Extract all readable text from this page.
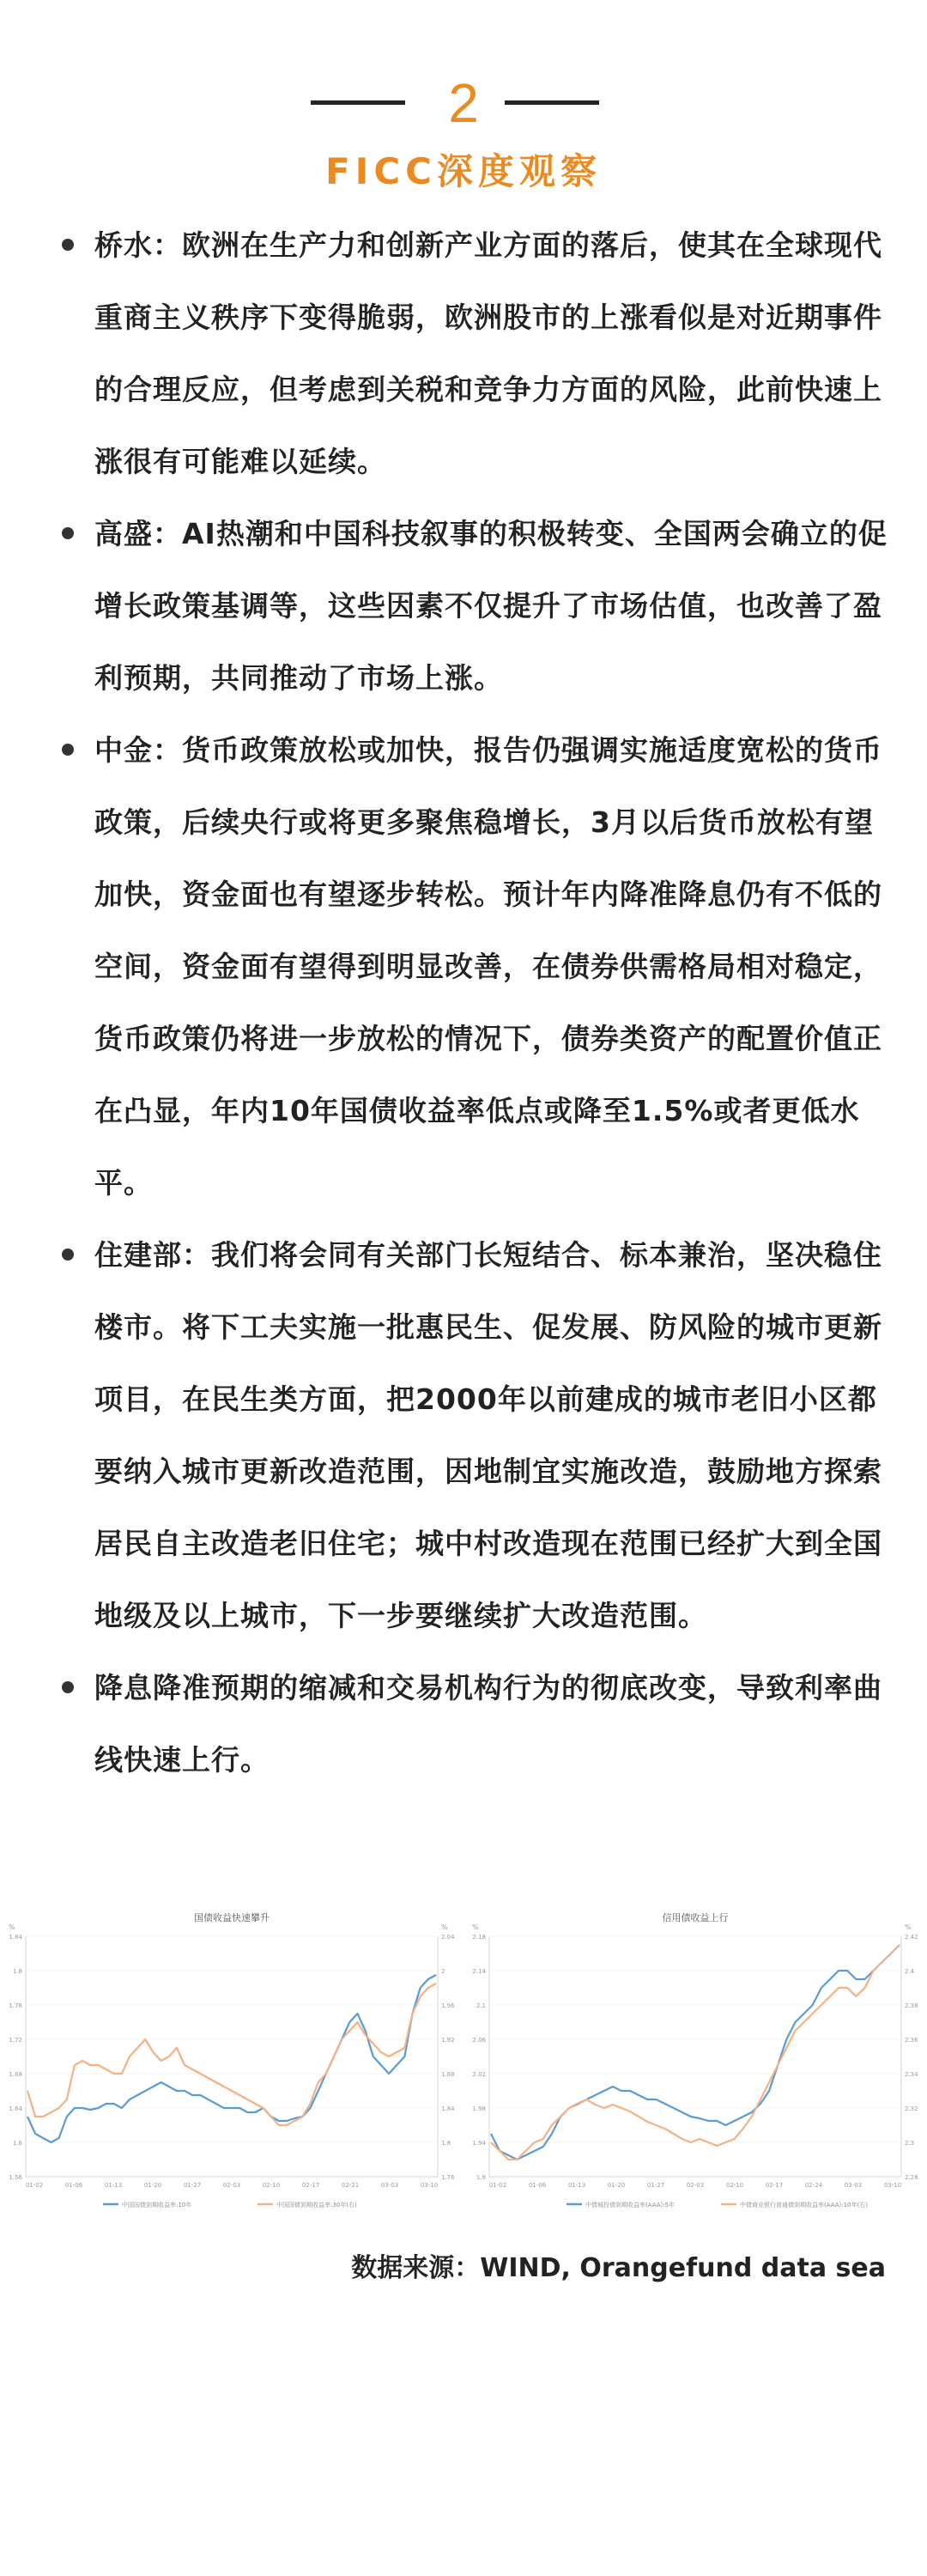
2
FICC深度观察
桥水：欧洲在生产力和创新产业方面的落后，使其在全球现代重商主义秩序下变得脆弱，欧洲股市的上涨看似是对近期事件的合理反应，但考虑到关税和竞争力方面的风险，此前快速上涨很有可能难以延续。
高盛：AI热潮和中国科技叙事的积极转变、全国两会确立的促增长政策基调等，这些因素不仅提升了市场估值，也改善了盈利预期，共同推动了市场上涨。
中金：货币政策放松或加快，报告仍强调实施适度宽松的货币政策，后续央行或将更多聚焦稳增长，3月以后货币放松有望加快，资金面也有望逐步转松。预计年内降准降息仍有不低的空间，资金面有望得到明显改善，在债券供需格局相对稳定，货币政策仍将进一步放松的情况下，债券类资产的配置价值正在凸显，年内10年国债收益率低点或降至1.5%或者更低水平。
住建部：我们将会同有关部门长短结合、标本兼治，坚决稳住楼市。将下工夫实施一批惠民生、促发展、防风险的城市更新项目，在民生类方面，把2000年以前建成的城市老旧小区都要纳入城市更新改造范围，因地制宜实施改造，鼓励地方探索居民自主改造老旧住宅；城中村改造现在范围已经扩大到全国地级及以上城市，下一步要继续扩大改造范围。
降息降准预期的缩减和交易机构行为的彻底改变，导致利率曲线快速上行。
国债收益快速攀升
%	%
1.84
1.8
1.76
1.72
1.68
1.64
1.6
1.56
2.04
2
1.96
1.92
1.88
1.84
1.8
1.76
01-02	01-06	01-13	01-20	01-27	02-03	02-10	02-17	02-21	03-03	03-10
中国国债到期收益率:10年	中国国债到期收益率:30年(右)
信用债收益上行
%	%
2.18
2.14
2.1
2.06
2.02
1.98
1.94
1.9
2.42
2.4
2.38
2.36
2.34
2.32
2.3
2.28
01-02	01-06	01-13	01-20	01-27	02-03	02-10	02-17	02-24	03-03	03-10
中债城投债到期收益率(AAA):5年	中债商业银行普通债到期收益率(AAA):10年(右)
数据来源：WIND, Orangefund data sea
